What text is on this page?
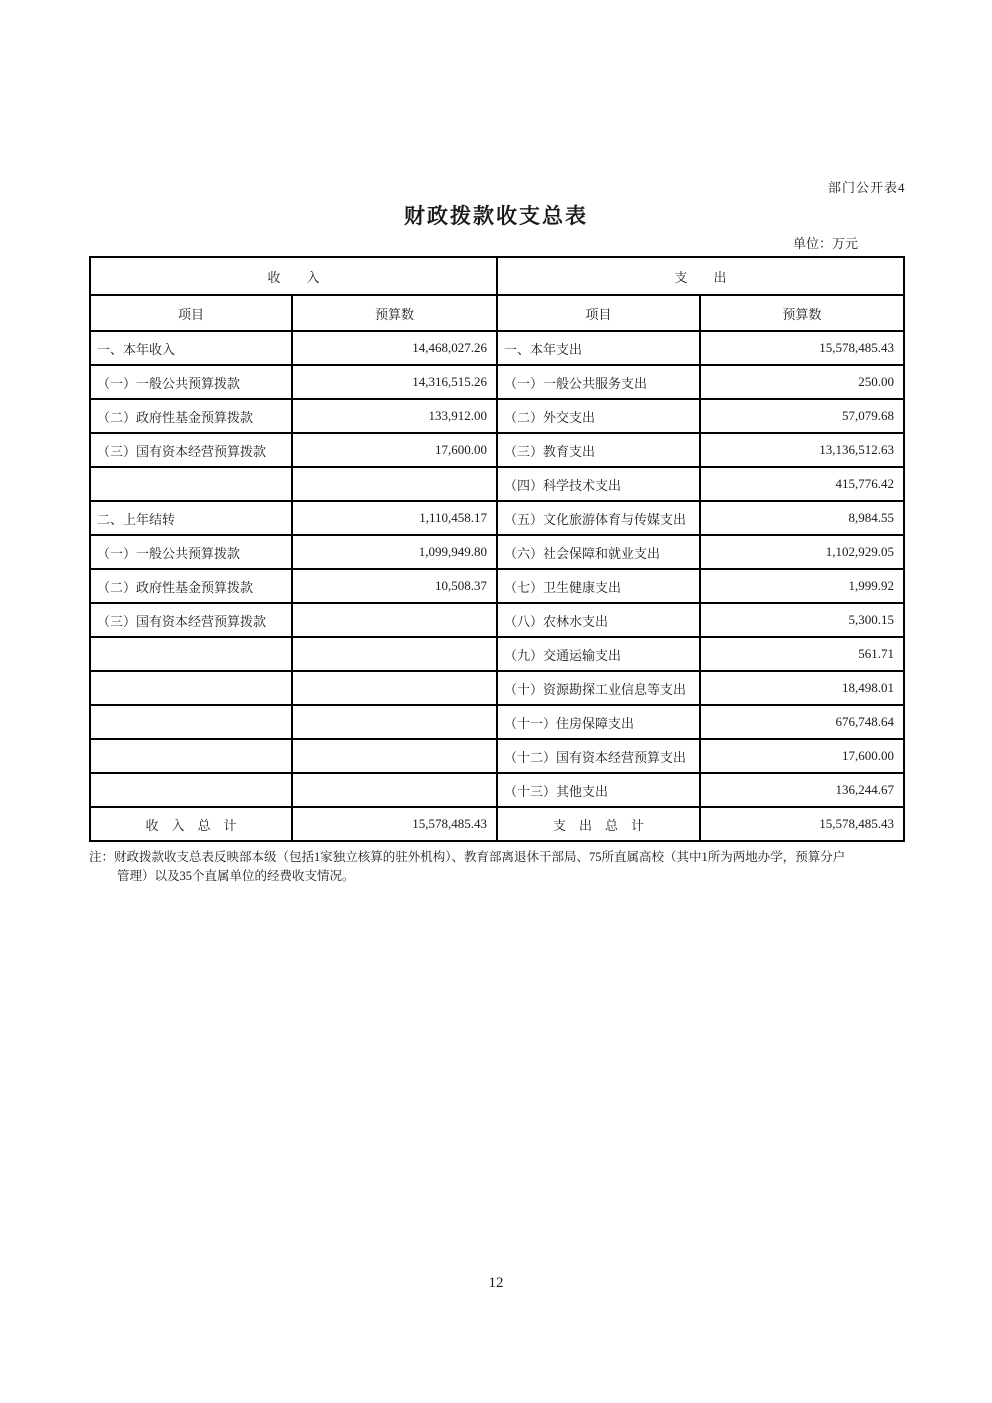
部门公开表4
财政拨款收支总表
单位：万元
收　　入		支　　出	
项目	预算数	项目	预算数
一、本年收入	14,468,027.26	一、本年支出	15,578,485.43
（一）一般公共预算拨款	14,316,515.26	（一）一般公共服务支出	250.00
（二）政府性基金预算拨款	133,912.00	（二）外交支出	57,079.68
（三）国有资本经营预算拨款	17,600.00	（三）教育支出	13,136,512.63
		（四）科学技术支出	415,776.42
二、上年结转	1,110,458.17	（五）文化旅游体育与传媒支出	8,984.55
（一）一般公共预算拨款	1,099,949.80	（六）社会保障和就业支出	1,102,929.05
（二）政府性基金预算拨款	10,508.37	（七）卫生健康支出	1,999.92
（三）国有资本经营预算拨款		（八）农林水支出	5,300.15
		（九）交通运输支出	561.71
		（十）资源勘探工业信息等支出	18,498.01
		（十一）住房保障支出	676,748.64
		（十二）国有资本经营预算支出	17,600.00
		（十三）其他支出	136,244.67
收　入　总　计	15,578,485.43	支　出　总　计	15,578,485.43

注：财政拨款收支总表反映部本级（包括1家独立核算的驻外机构）、教育部离退休干部局、75所直属高校（其中1所为两地办学，预算分户
管理）以及35个直属单位的经费收支情况。

12
